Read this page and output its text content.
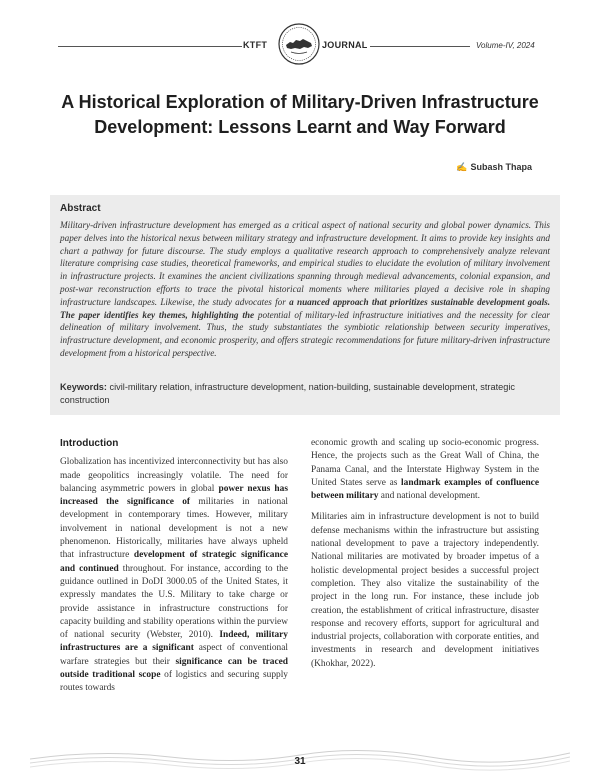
KTFT	JOURNAL	Volume-IV, 2024
A Historical Exploration of Military-Driven Infrastructure Development: Lessons Learnt and Way Forward
✍ Subash Thapa
Abstract
Military-driven infrastructure development has emerged as a critical aspect of national security and global power dynamics. This paper delves into the historical nexus between military strategy and infrastructure development. It aims to provide key insights and chart a pathway for future discourse. The study employs a qualitative research approach to comprehensively analyze relevant literature comprising case studies, theoretical frameworks, and empirical studies to elucidate the evolution of military involvement in infrastructure projects. It examines the ancient civilizations spanning through medieval advancements, colonial expansion, and post-war reconstruction efforts to trace the pivotal historical moments where militaries played a decisive role in shaping infrastructure landscapes. Likewise, the study advocates for a nuanced approach that prioritizes sustainable development goals. The paper identifies key themes, highlighting the potential of military-led infrastructure initiatives and the necessity for clear delineation of military involvement. Thus, the study substantiates the symbiotic relationship between security imperatives, infrastructure development, and economic prosperity, and offers strategic recommendations for future military-driven infrastructure development from a historical perspective.
Keywords: civil-military relation, infrastructure development, nation-building, sustainable development, strategic construction
Introduction

Globalization has incentivized interconnectivity but has also made geopolitics increasingly volatile. The need for balancing asymmetric powers in global power nexus has increased the significance of militaries in national development in contemporary times. However, military involvement in national development is not a new phenomenon. Historically, militaries have always upheld that infrastructure development of strategic significance and continued throughout. For instance, according to the guidance outlined in DoDI 3000.05 of the United States, it expressly mandates the U.S. Military to take charge or provide assistance in infrastructure constructions for capacity building and stability operations within the purview of national security (Webster, 2010). Indeed, military infrastructures are a significant aspect of conventional warfare strategies but their significance can be traced outside traditional scope of logistics and securing supply routes towards

economic growth and scaling up socio-economic progress. Hence, the projects such as the Great Wall of China, the Panama Canal, and the Interstate Highway System in the United States serve as landmark examples of confluence between military and national development.

Militaries aim in infrastructure development is not to build defense mechanisms within the infrastructure but assisting national development to pave a trajectory independently. National militaries are motivated by broader impetus of a holistic developmental project besides a successful project completion. They also vitalize the sustainability of the project in the long run. For instance, these include job creation, the establishment of critical infrastructure, disaster response and recovery efforts, support for agricultural and industrial projects, collaboration with corporate entities, and investments in research and development initiatives (Khokhar, 2022).

31
